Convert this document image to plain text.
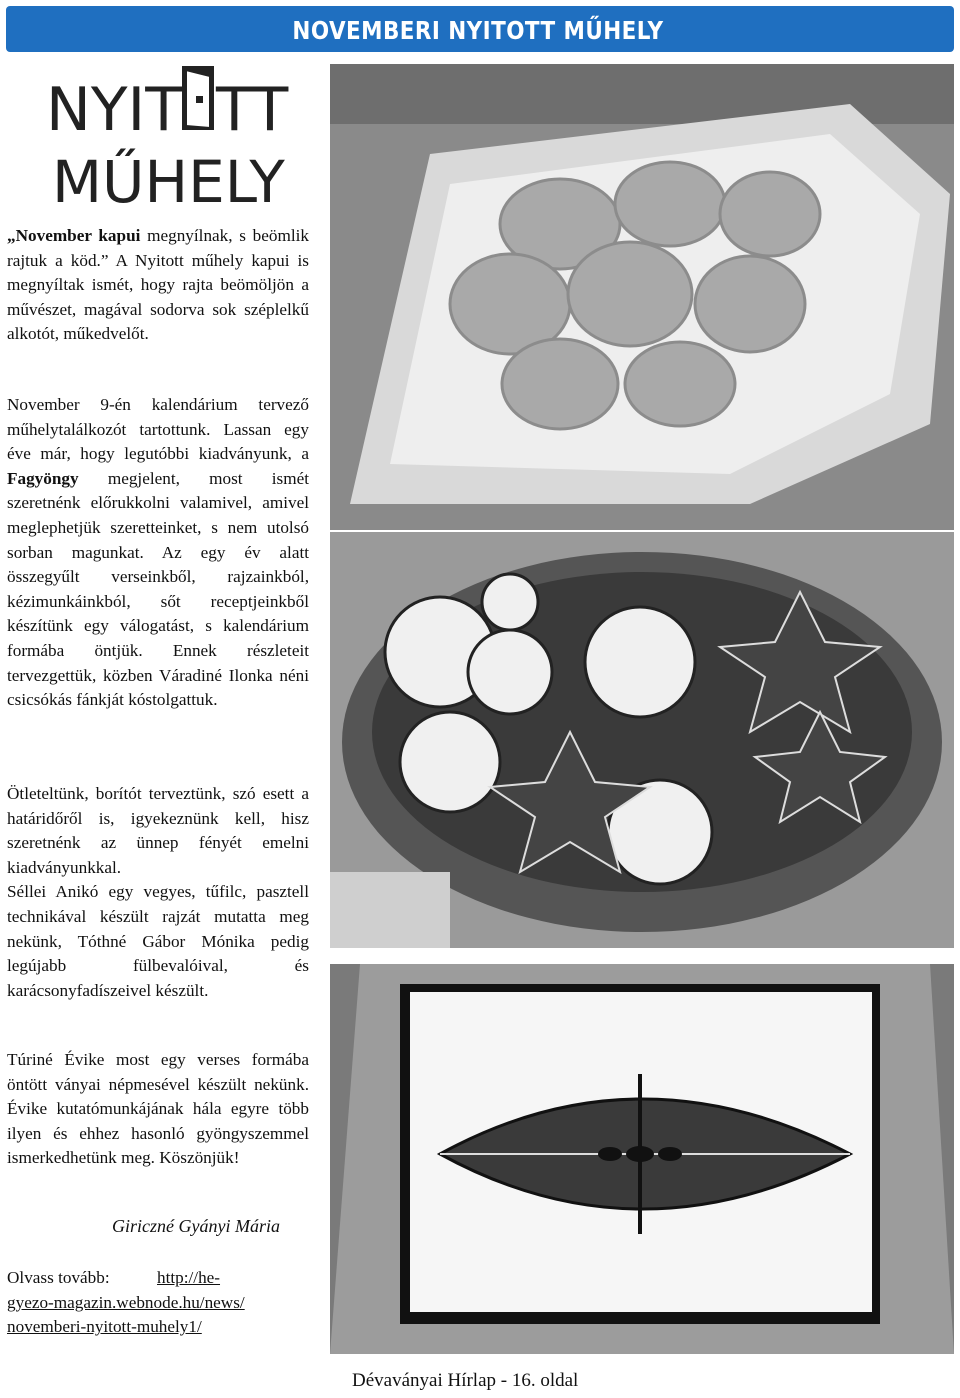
NOVEMBERI NYITOTT MŰHELY
NYIT TT
MŰHELY

„November kapui megnyílnak, s beömlik rajtuk a köd.” A Nyitott műhely kapui is megnyíltak ismét, hogy rajta beömöljön a művészet, magával sodorva sok széplelkű alkotót, műkedvelőt.

November 9-én kalendárium tervező műhelytalálkozót tartottunk. Lassan egy éve már, hogy legutóbbi kiadványunk, a Fagyöngy megjelent, most ismét szeretnénk előrukkolni valamivel, amivel meglephetjük szeretteinket, s nem utolsó sorban magunkat. Az egy év alatt összegyűlt verseinkből, rajzainkból, kézimunkáinkból, sőt receptjeinkből készítünk egy válogatást, s kalendárium formába öntjük. Ennek részleteit tervezgettük, közben Váradiné Ilonka néni csicsókás fánkját kóstolgattuk.

Ötleteltünk, borítót terveztünk, szó esett a határidőről is, igyekeznünk kell, hisz szeretnénk az ünnep fényét emelni kiadványunkkal.

Séllei Anikó egy vegyes, tűfilc, pasztell technikával készült rajzát mutatta meg nekünk, Tóthné Gábor Mónika pedig legújabb fülbevalóival, és karácsonyfadíszeivel készült.

Túriné Évike most egy verses formába öntött ványai népmesével készült nekünk. Évike kutatómunkájának hála egyre több ilyen és ehhez hasonló gyöngyszemmel ismerkedhetünk meg. Köszönjük!

Giriczné Gyányi Mária
Olvass tovább:	http://he-
gyezo-magazin.webnode.hu/news/
novemberi-nyitott-muhely1/
Dévaványai Hírlap - 16. oldal
